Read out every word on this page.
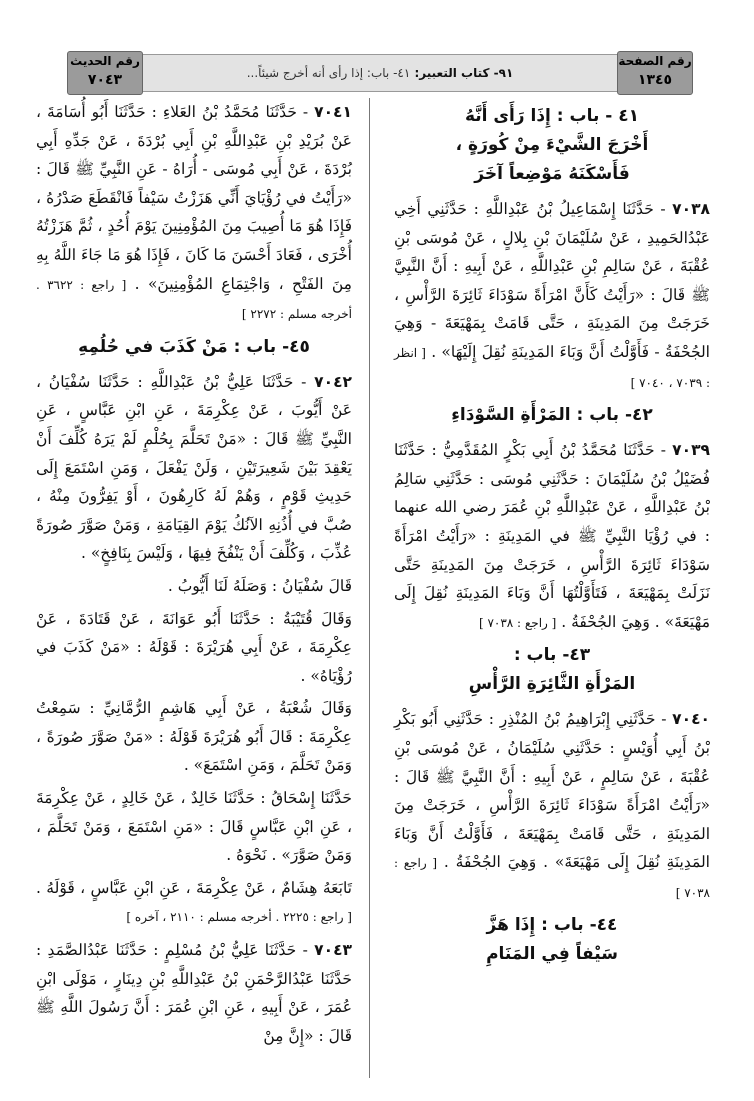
رقم الصفحة
١٣٤٥
٩١- كتاب التعبير: ٤١- باب: إذا رأى أنه أخرج شيئاً...
رقم الحديث
٧٠٤٣
٤١ - باب : إِذَا رَأَى أَنَّهُ
أَخْرَجَ الشَّيْءَ مِنْ كُورَةٍ ،
فَأَسْكَنَهُ مَوْضِعاً آخَرَ

٧٠٣٨ - حَدَّثَنَا إِسْمَاعِيلُ بْنُ عَبْدِاللَّهِ : حَدَّثَنِي أَخِي عَبْدُالحَمِيدِ ، عَنْ سُلَيْمَانَ بْنِ بِلالٍ ، عَنْ مُوسَى بْنِ عُقْبَةَ ، عَنْ سَالِمِ بْنِ عَبْدِاللَّهِ ، عَنْ أَبِيهِ : أَنَّ النَّبِيَّ ﷺ قَالَ : «رَأَيْتُ كَأَنَّ امْرَأَةً سَوْدَاءَ ثَائِرَةَ الرَّأْسِ ، خَرَجَتْ مِنَ المَدِينَةِ ، حَتَّى قَامَتْ بِمَهْيَعَةَ - وَهِيَ الجُحْفَةُ - فَأَوَّلْتُ أَنَّ وَبَاءَ المَدِينَةِ نُقِلَ إِلَيْهَا» . [ انظر : ٧٠٣٩ ، ٧٠٤٠ ]

٤٢- باب : المَرْأَةِ السَّوْدَاءِ

٧٠٣٩ - حَدَّثَنَا مُحَمَّدُ بْنُ أَبِي بَكْرٍ المُقَدَّمِيُّ : حَدَّثَنَا فُضَيْلُ بْنُ سُلَيْمَانَ : حَدَّثَنِي مُوسَى : حَدَّثَنِي سَالِمُ بْنُ عَبْدِاللَّهِ ، عَنْ عَبْدِاللَّهِ بْنِ عُمَرَ رضي الله عنهما : في رُؤْيَا النَّبِيِّ ﷺ في المَدِينَةِ : «رَأَيْتُ امْرَأَةً سَوْدَاءَ ثَائِرَةَ الرَّأْسِ ، خَرَجَتْ مِنَ المَدِينَةِ حَتَّى نَزَلَتْ بِمَهْيَعَةَ ، فَتَأَوَّلْتُهَا أَنَّ وَبَاءَ المَدِينَةِ نُقِلَ إِلَى مَهْيَعَةَ» . وَهِيَ الجُحْفَةُ . [ راجع : ٧٠٣٨ ]

٤٣- باب :
المَرْأَةِ الثَّائِرَةِ الرَّأْسِ

٧٠٤٠ - حَدَّثَنِي إِبْرَاهِيمُ بْنُ المُنْذِرِ : حَدَّثَنِي أَبُو بَكْرِ بْنُ أَبِي أُوَيْسٍ : حَدَّثَنِي سُلَيْمَانُ ، عَنْ مُوسَى بْنِ عُقْبَةَ ، عَنْ سَالِمٍ ، عَنْ أَبِيهِ : أَنَّ النَّبِيَّ ﷺ قَالَ : «رَأَيْتُ امْرَأَةً سَوْدَاءَ ثَائِرَةَ الرَّأْسِ ، خَرَجَتْ مِنَ المَدِينَةِ ، حَتَّى قَامَتْ بِمَهْيَعَةَ ، فَأَوَّلْتُ أَنَّ وَبَاءَ المَدِينَةِ نُقِلَ إِلَى مَهْيَعَةَ» . وَهِيَ الجُحْفَةُ . [ راجع : ٧٠٣٨ ]

٤٤- باب : إِذَا هَزَّ
سَيْفاً فِي المَنَامِ

٧٠٤١ - حَدَّثَنَا مُحَمَّدُ بْنُ العَلاءِ : حَدَّثَنَا أَبُو أُسَامَةَ ، عَنْ بُرَيْدِ بْنِ عَبْدِاللَّهِ بْنِ أَبِي بُرْدَةَ ، عَنْ جَدِّهِ أَبِي بُرْدَةَ ، عَنْ أَبِي مُوسَى - أُرَاهُ - عَنِ النَّبِيِّ ﷺ قَالَ : «رَأَيْتُ في رُؤْيَايَ أَنِّي هَزَزْتُ سَيْفاً فَانْقَطَعَ صَدْرُهُ ، فَإِذَا هُوَ مَا أُصِيبَ مِنَ المُؤْمِنِينَ يَوْمَ أُحُدٍ ، ثُمَّ هَزَزْتُهُ أُخْرَى ، فَعَادَ أَحْسَنَ مَا كَانَ ، فَإِذَا هُوَ مَا جَاءَ اللَّهُ بِهِ مِنَ الفَتْحِ ، وَاجْتِمَاعِ المُؤْمِنِينَ» . [ راجع : ٣٦٢٢ . أخرجه مسلم : ٢٢٧٢ ]

٤٥- باب : مَنْ كَذَبَ في حُلُمِهِ

٧٠٤٢ - حَدَّثَنَا عَلِيُّ بْنُ عَبْدِاللَّهِ : حَدَّثَنَا سُفْيَانُ ، عَنْ أَيُّوبَ ، عَنْ عِكْرِمَةَ ، عَنِ ابْنِ عَبَّاسٍ ، عَنِ النَّبِيِّ ﷺ قَالَ : «مَنْ تَحَلَّمَ بِحُلْمٍ لَمْ يَرَهُ كُلِّفَ أَنْ يَعْقِدَ بَيْنَ شَعِيرَتَيْنِ ، وَلَنْ يَفْعَلَ ، وَمَنِ اسْتَمَعَ إِلَى حَدِيثِ قَوْمٍ ، وَهُمْ لَهُ كَارِهُونَ ، أَوْ يَفِرُّونَ مِنْهُ ، صُبَّ في أُذُنِهِ الآنُكُ يَوْمَ القِيَامَةِ ، وَمَنْ صَوَّرَ صُورَةً عُذِّبَ ، وَكُلِّفَ أَنْ يَنْفُخَ فِيهَا ، وَلَيْسَ بِنَافِخٍ» .

قَالَ سُفْيَانُ : وَصَلَهُ لَنَا أَيُّوبُ .

وَقَالَ قُتَيْبَةُ : حَدَّثَنَا أَبُو عَوَانَةَ ، عَنْ قَتَادَةَ ، عَنْ عِكْرِمَةَ ، عَنْ أَبِي هُرَيْرَةَ : قَوْلَهُ : «مَنْ كَذَبَ في رُؤْيَاهُ» .

وَقَالَ شُعْبَةُ ، عَنْ أَبِي هَاشِمٍ الرُّمَّانِيِّ : سَمِعْتُ عِكْرِمَةَ : قَالَ أَبُو هُرَيْرَةَ قَوْلَهُ : «مَنْ صَوَّرَ صُورَةً ، وَمَنْ تَحَلَّمَ ، وَمَنِ اسْتَمَعَ» .

حَدَّثَنَا إِسْحَاقُ : حَدَّثَنَا خَالِدٌ ، عَنْ خَالِدٍ ، عَنْ عِكْرِمَةَ ، عَنِ ابْنِ عَبَّاسٍ قَالَ : «مَنِ اسْتَمَعَ ، وَمَنْ تَحَلَّمَ ، وَمَنْ صَوَّرَ» . نَحْوَهُ .

تَابَعَهُ هِشَامٌ ، عَنْ عِكْرِمَةَ ، عَنِ ابْنِ عَبَّاسٍ ، قَوْلَهُ . [ راجع : ٢٢٢٥ . أخرجه مسلم : ٢١١٠ ، آخره ]

٧٠٤٣ - حَدَّثَنَا عَلِيُّ بْنُ مُسْلِمٍ : حَدَّثَنَا عَبْدُالصَّمَدِ : حَدَّثَنَا عَبْدُالرَّحْمَنِ بْنُ عَبْدِاللَّهِ بْنِ دِينَارٍ ، مَوْلَى ابْنِ عُمَرَ ، عَنْ أَبِيهِ ، عَنِ ابْنِ عُمَرَ : أَنَّ رَسُولَ اللَّهِ ﷺ قَالَ : «إِنَّ مِنْ
